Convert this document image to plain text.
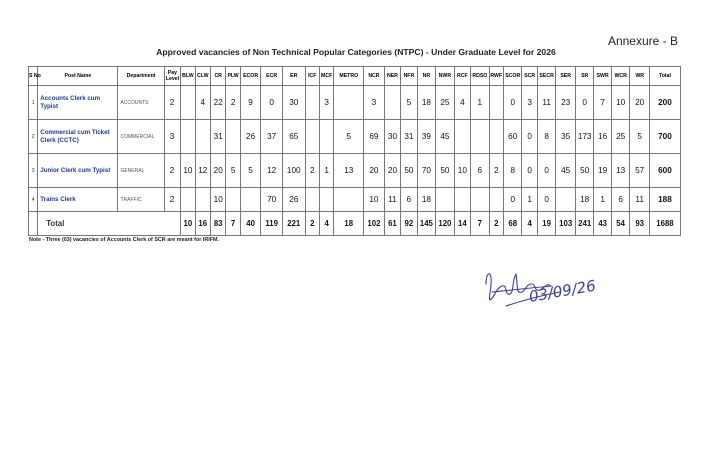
Annexure - B
Approved vacancies of Non Technical Popular Categories (NTPC) - Under Graduate Level for 2026
S No	Post Name	Department	Pay Level	BLW	CLW	CR	PLW	ECOR	ECR	ER	ICF	MCF	METRO	NCR	NER	NFR	NR	NWR	RCF	RDSO	RWF	SCOR	SCR	SECR	SER	SR	SWR	WCR	WR	Total
1	Accounts Clerk cum Typist	ACCOUNTS	2		4	22	2	9	0	30		3		3		5	18	25	4	1		0	3	11	23	0	7	10	20	200
2	Commercial cum Ticket Clerk (CCTC)	COMMERCIAL	3			31		26	37	65			5	69	30	31	39	45				60	0	8	35	173	16	25	5	700
3	Junior Clerk cum Typist	GENERAL	2	10	12	20	5	5	12	100	2	1	13	20	20	50	70	50	10	6	2	8	0	0	45	50	19	13	57	600
4	Trains Clerk	TRAFFIC	2			10			70	26				10	11	6	18					0	1	0		18	1	6	11	188
	Total			10	16	83	7	40	119	221	2	4	18	102	61	92	145	120	14	7	2	68	4	19	103	241	43	54	93	1688
Note - Three (03) vacancies of Accounts Clerk of SCR are meant for IRIFM.
03/09/26
